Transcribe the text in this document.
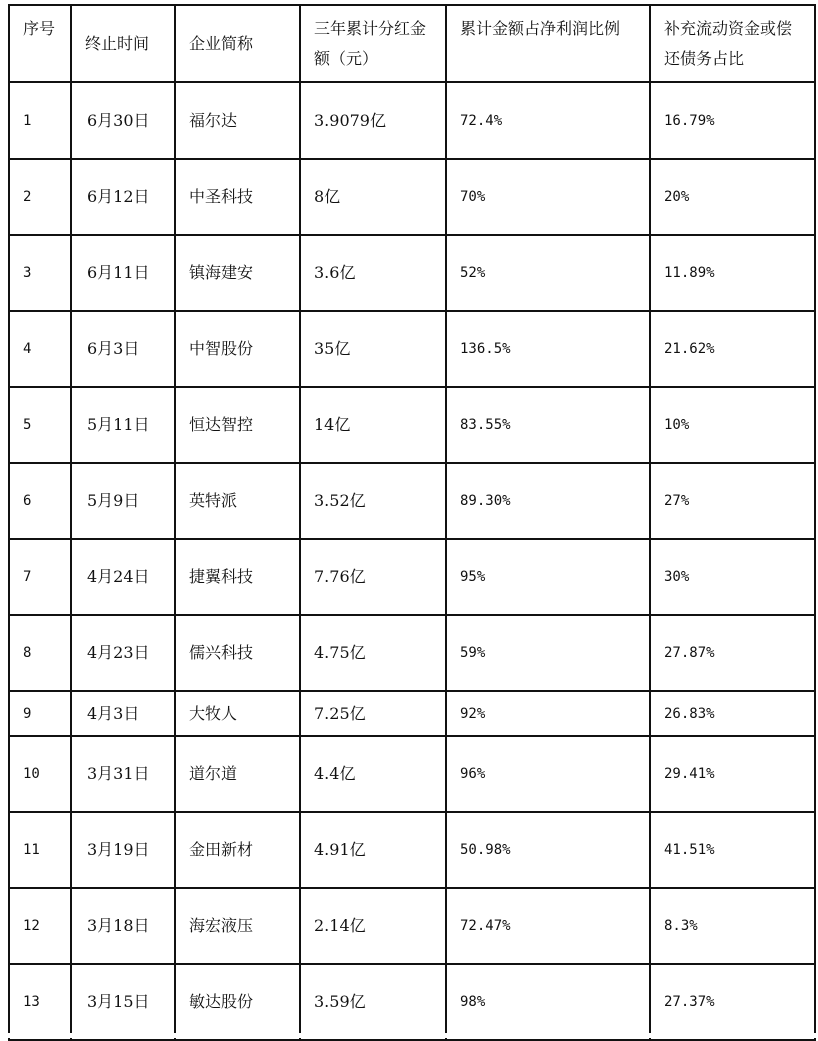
序号	终止时间	企业简称	三年累计分红金额（元）	累计金额占净利润比例	补充流动资金或偿还债务占比
1	6月30日	福尔达	3.9079亿	72.4%	16.79%
2	6月12日	中圣科技	8亿	70%	20%
3	6月11日	镇海建安	3.6亿	52%	11.89%
4	6月3日	中智股份	35亿	136.5%	21.62%
5	5月11日	恒达智控	14亿	83.55%	10%
6	5月9日	英特派	3.52亿	89.30%	27%
7	4月24日	捷翼科技	7.76亿	95%	30%
8	4月23日	儒兴科技	4.75亿	59%	27.87%
9	4月3日	大牧人	7.25亿	92%	26.83%
10	3月31日	道尔道	4.4亿	96%	29.41%
11	3月19日	金田新材	4.91亿	50.98%	41.51%
12	3月18日	海宏液压	2.14亿	72.47%	8.3%
13	3月15日	敏达股份	3.59亿	98%	27.37%
